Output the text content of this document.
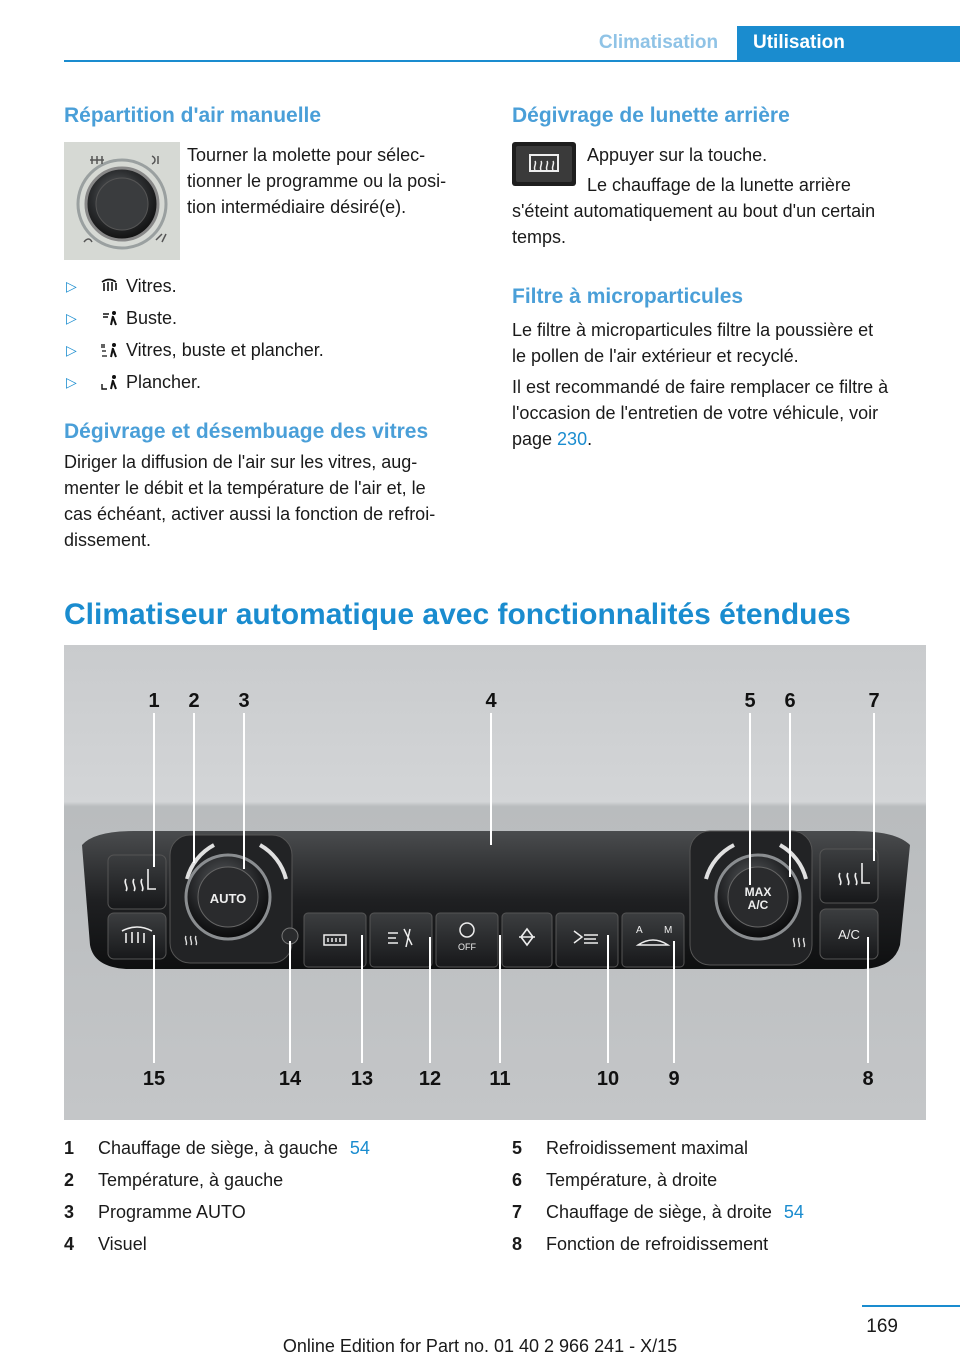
Climatisation	Utilisation
Répartition d'air manuelle
Tourner la molette pour sélec-
tionner le programme ou la posi-
tion intermédiaire désiré(e).
▷	Vitres.
▷	Buste.
▷	Vitres, buste et plancher.
▷	Plancher.
Dégivrage et désembuage des vitres
Diriger la diffusion de l'air sur les vitres, aug-
menter le débit et la température de l'air et, le
cas échéant, activer aussi la fonction de refroi-
dissement.
Dégivrage de lunette arrière
Appuyer sur la touche.
Le chauffage de la lunette arrière
s'éteint automatiquement au bout d'un certain
temps.
Filtre à microparticules
Le filtre à microparticules filtre la poussière et
le pollen de l'air extérieur et recyclé.
Il est recommandé de faire remplacer ce filtre à
l'occasion de l'entretien de votre véhicule, voir
page 230.
Climatiseur automatique avec fonctionnalités étendues
AUTO
OFF
A M
MAX
A/C
A/C
1 2 3	4	5 6	7
15	14 13 12 11	10 9	8
1 Chauffage de siège, à gauche 54
2 Température, à gauche
3 Programme AUTO
4 Visuel
5 Refroidissement maximal
6 Température, à droite
7 Chauffage de siège, à droite 54
8 Fonction de refroidissement
169
Online Edition for Part no. 01 40 2 966 241 - X/15
